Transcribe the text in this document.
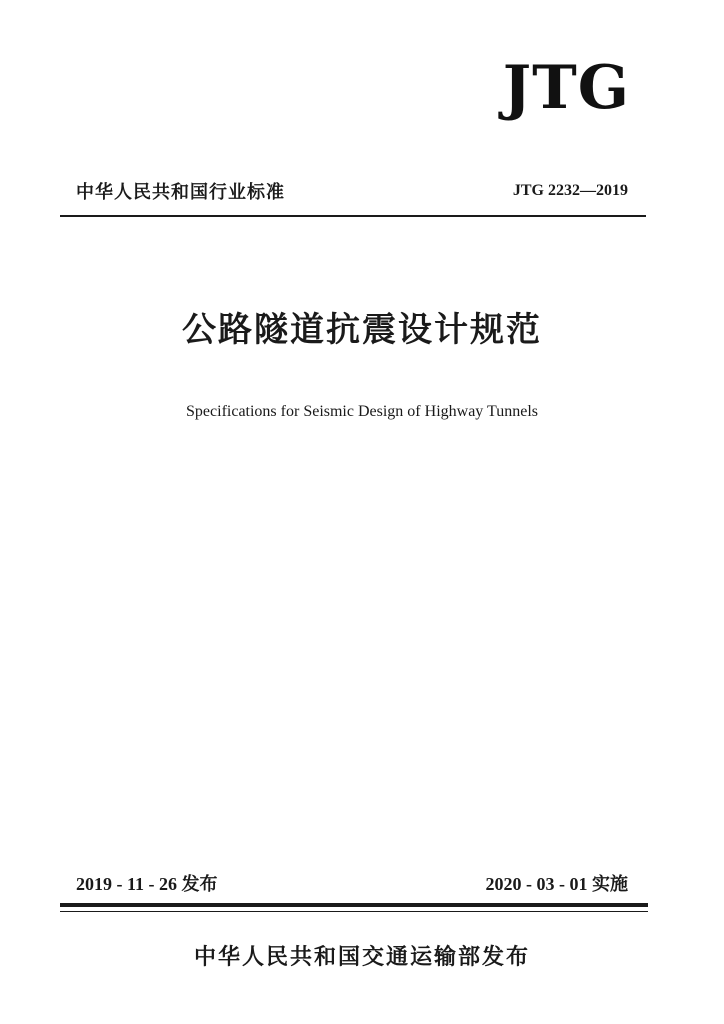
JTG
中华人民共和国行业标准	JTG 2232—2019
公路隧道抗震设计规范
Specifications for Seismic Design of Highway Tunnels
2019 - 11 - 26 发布	2020 - 03 - 01 实施
中华人民共和国交通运输部发布
